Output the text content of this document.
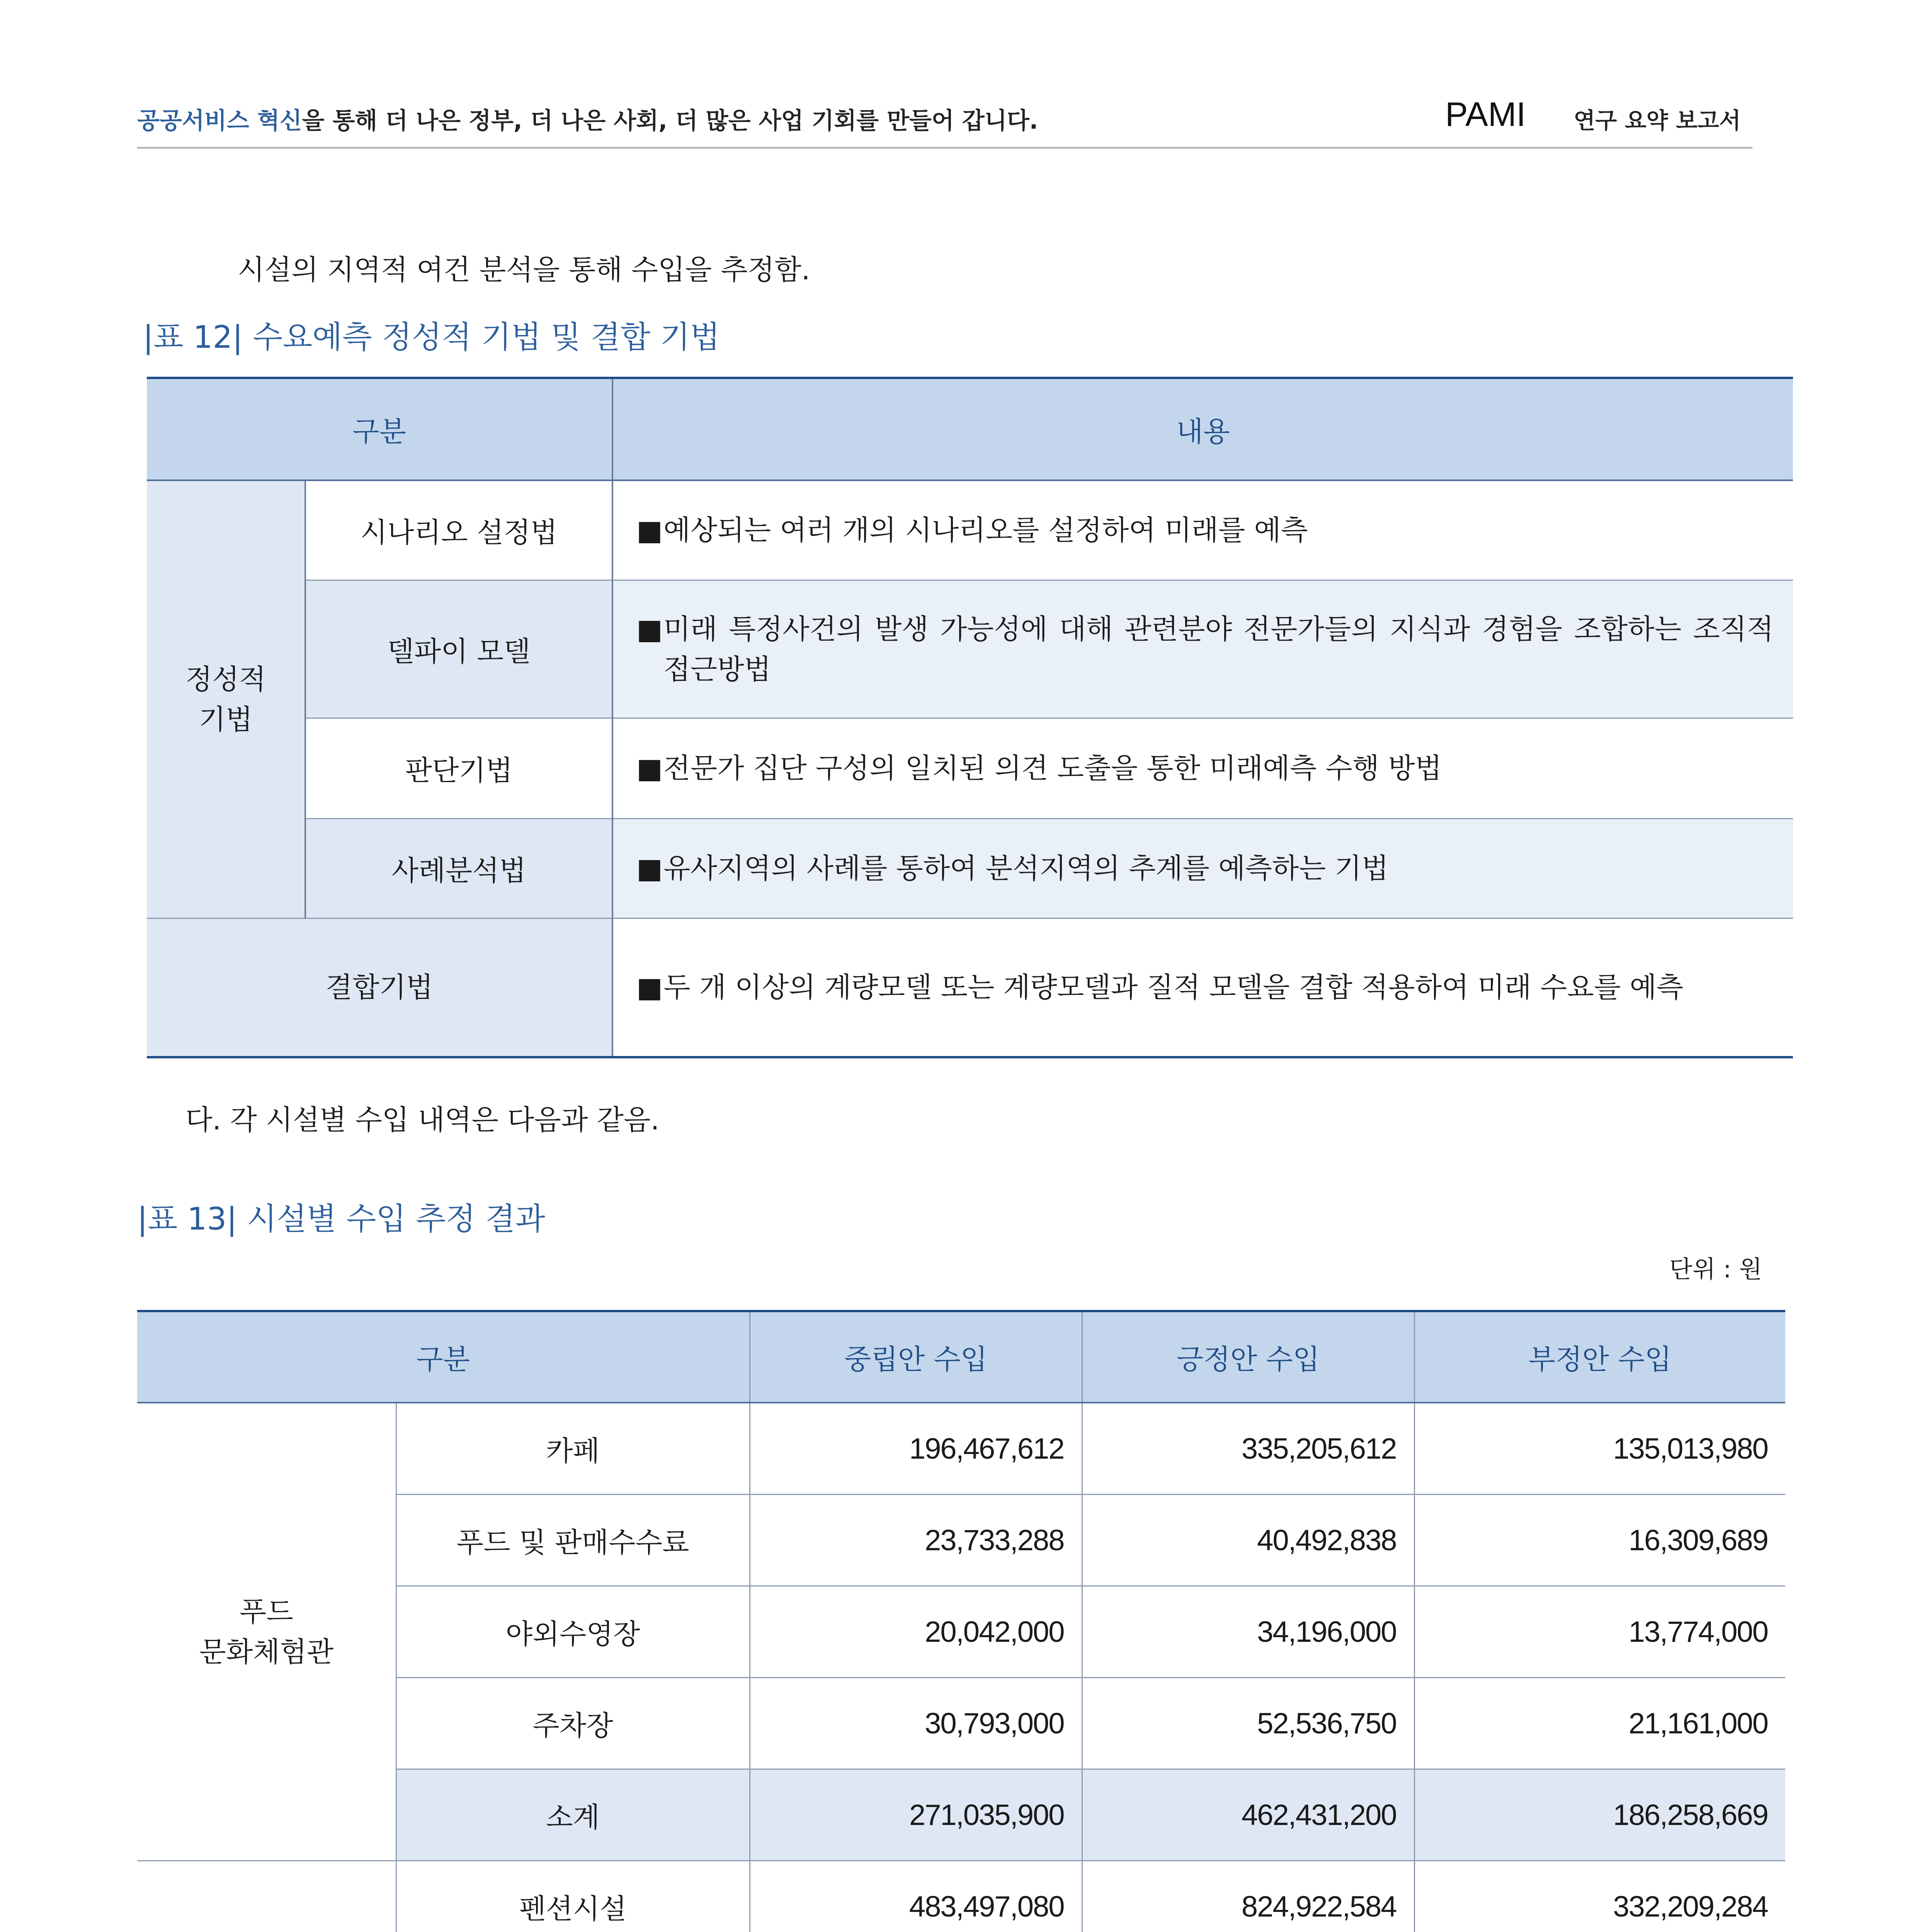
공공서비스 혁신을 통해 더 나은 정부, 더 나은 사회, 더 많은 사업 기회를 만들어 갑니다.	PAMI 연구 요약 보고서
시설의 지역적 여건 분석을 통해 수입을 추정함.
|표 12| 수요예측 정성적 기법 및 결합 기법
구분		내용
정성적
기법	시나리오 설정법	■ 예상되는 여러 개의 시나리오를 설정하여 미래를 예측

	델파이 모델	■ 미래 특정사건의 발생 가능성에 대해 관련분야 전문가들의 지식과 경험을 조합하는 조직적 접근방법

	판단기법	■ 전문가 집단 구성의 일치된 의견 도출을 통한 미래예측 수행 방법

	사례분석법	■ 유사지역의 사례를 통하여 분석지역의 추계를 예측하는 기법

결합기법		■ 두 개 이상의 계량모델 또는 계량모델과 질적 모델을 결합 적용하여 미래 수요를 예측
다. 각 시설별 수입 내역은 다음과 같음.
|표 13| 시설별 수입 추정 결과
단위 : 원
구분		중립안 수입	긍정안 수입	부정안 수입
푸드
문화체험관	카페	196,467,612	335,205,612	135,013,980
	푸드 및 판매수수료	23,733,288	40,492,838	16,309,689
	야외수영장	20,042,000	34,196,000	13,774,000
	주차장	30,793,000	52,536,750	21,161,000
	소계	271,035,900	462,431,200	186,258,669
	펜션시설	483,497,080	824,922,584	332,209,284
